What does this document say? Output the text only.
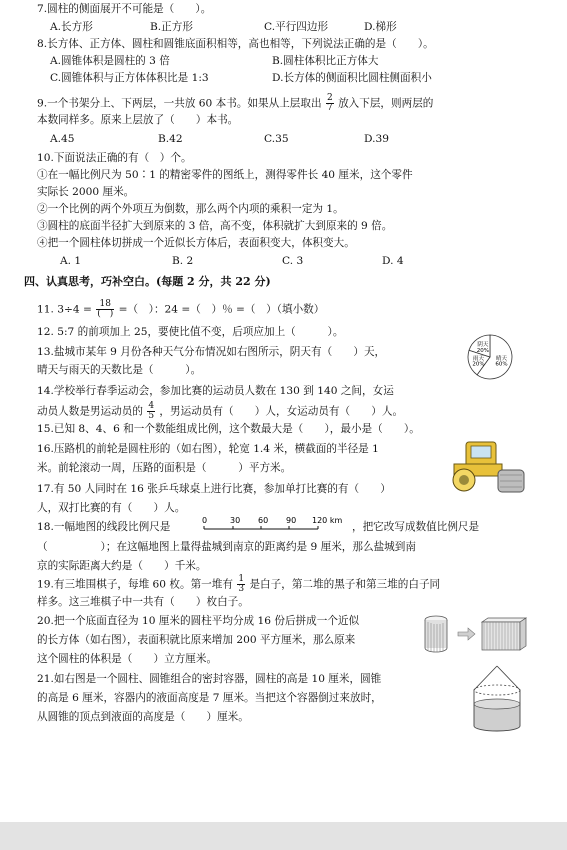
7.圆柱的侧面展开不可能是（　　）。
A.长方形	B.正方形	C.平行四边形	D.梯形
8.长方体、正方体、圆柱和圆锥底面积相等，高也相等，下列说法正确的是（　　）。
A.圆锥体积是圆柱的 3 倍	B.圆柱体积比正方体大
C.圆锥体积与正方体体积比是 1:3	D.长方体的侧面积比圆柱侧面积小
9.一个书架分上、下两层，一共放 60 本书。如果从上层取出 $\frac{2}{7}$ 放入下层，则两层的
本数同样多。原来上层放了（　　）本书。
A.45	B.42	C.35	D.39
10.下面说法正确的有（　）个。
①在一幅比例尺为 50∶1 的精密零件的图纸上，测得零件长 40 厘米，这个零件
实际长 2000 厘米。
②一个比例的两个外项互为倒数，那么两个内项的乘积一定为 1。
③圆柱的底面半径扩大到原来的 3 倍，高不变，体积就扩大到原来的 9 倍。
④把一个圆柱体切拼成一个近似长方体后，表面积变大，体积变大。
A. 1	B. 2	C. 3	D. 4
四、认真思考，巧补空白。(每题 2 分，共 22 分)
11. $3\div 4 = \frac{18}{( )}$ =（　）：24 =（　）％ =（　）（填小数）
12. 5:7 的前项加上 25，要使比值不变，后项应加上（　　　）。
13.盐城市某年 9 月份各种天气分布情况如右图所示，阴天有（　　）天，
晴天与雨天的天数比是（　　　）。
晴天
60%
雨天
20%
阴天
20%
14.学校举行春季运动会，参加比赛的运动员人数在 130 到 140 之间，女运
动员人数是男运动员的 $\frac{4}{5}$ ，男运动员有（　　）人，女运动员有（　　）人。
15.已知 8、4、6 和一个数能组成比例，这个数最大是（　　），最小是（　　）。
16.压路机的前轮是圆柱形的（如右图），轮宽 1.4 米，横截面的半径是 1
米。前轮滚动一周，压路的面积是（　　　）平方米。
17.有 50 人同时在 16 张乒乓球桌上进行比赛，参加单打比赛的有（　　）
人，双打比赛的有（　　）人。
18.一幅地图的线段比例尺是
0	30 60 90 120 km
，把它改写成数值比例尺是
（　　　　　）；在这幅地图上量得盐城到南京的距离约是 9 厘米，那么盐城到南
京的实际距离大约是（　　）千米。
19.有三堆围棋子，每堆 60 枚。第一堆有 $\frac{1}{3}$ 是白子，第二堆的黑子和第三堆的白子同
样多。这三堆棋子中一共有（　　）枚白子。
20.把一个底面直径为 10 厘米的圆柱平均分成 16 份后拼成一个近似
的长方体（如右图），表面积就比原来增加 200 平方厘米，那么原来
这个圆柱的体积是（　　）立方厘米。
21.如右图是一个圆柱、圆锥组合的密封容器，圆柱的高是 10 厘米，圆锥
的高是 6 厘米，容器内的液面高度是 7 厘米。当把这个容器倒过来放时，
从圆锥的顶点到液面的高度是（　　）厘米。
